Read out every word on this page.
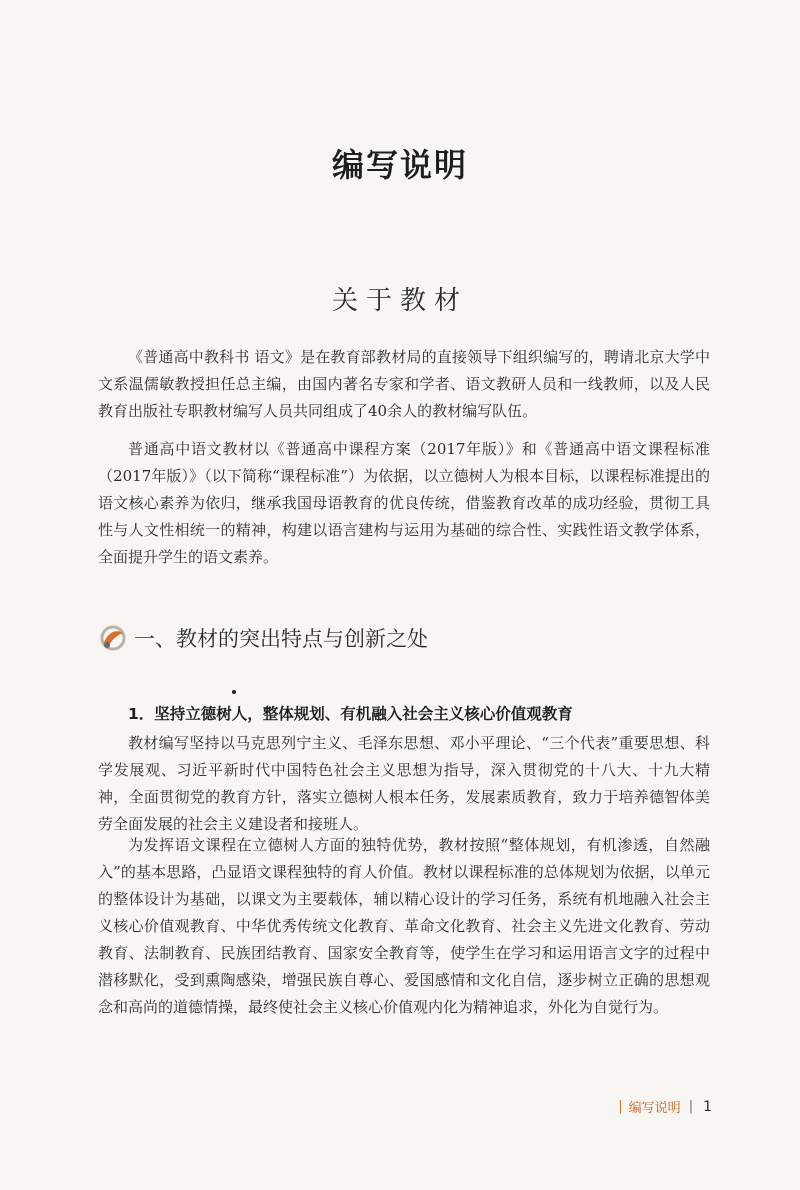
编写说明
关于教材

《普通高中教科书 语文》是在教育部教材局的直接领导下组织编写的，聘请北京大学中文系温儒敏教授担任总主编，由国内著名专家和学者、语文教研人员和一线教师，以及人民教育出版社专职教材编写人员共同组成了40余人的教材编写队伍。

普通高中语文教材以《普通高中课程方案（2017年版）》和《普通高中语文课程标准（2017年版）》（以下简称“课程标准”）为依据，以立德树人为根本目标，以课程标准提出的语文核心素养为依归，继承我国母语教育的优良传统，借鉴教育改革的成功经验，贯彻工具性与人文性相统一的精神，构建以语言建构与运用为基础的综合性、实践性语文教学体系，全面提升学生的语文素养。

一、教材的突出特点与创新之处
1．坚持立德树人，整体规划、有机融入社会主义核心价值观教育

教材编写坚持以马克思列宁主义、毛泽东思想、邓小平理论、“三个代表”重要思想、科学发展观、习近平新时代中国特色社会主义思想为指导，深入贯彻党的十八大、十九大精神，全面贯彻党的教育方针，落实立德树人根本任务，发展素质教育，致力于培养德智体美劳全面发展的社会主义建设者和接班人。

为发挥语文课程在立德树人方面的独特优势，教材按照“整体规划，有机渗透，自然融入”的基本思路，凸显语文课程独特的育人价值。教材以课程标准的总体规划为依据，以单元的整体设计为基础，以课文为主要载体，辅以精心设计的学习任务，系统有机地融入社会主义核心价值观教育、中华优秀传统文化教育、革命文化教育、社会主义先进文化教育、劳动教育、法制教育、民族团结教育、国家安全教育等，使学生在学习和运用语言文字的过程中潜移默化，受到熏陶感染，增强民族自尊心、爱国感情和文化自信，逐步树立正确的思想观念和高尚的道德情操，最终使社会主义核心价值观内化为精神追求，外化为自觉行为。

| 编写说明 | 1
